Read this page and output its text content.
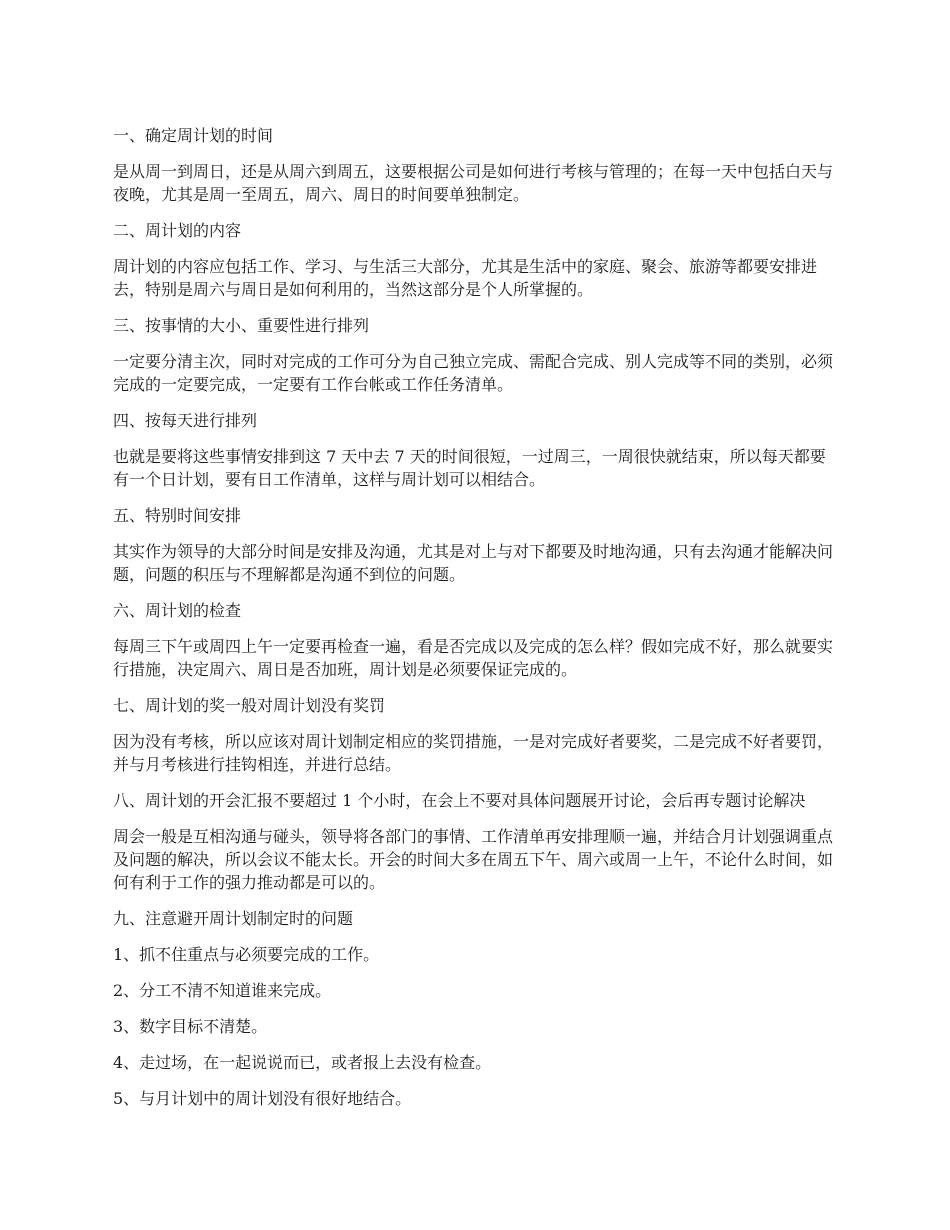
一、确定周计划的时间

是从周一到周日，还是从周六到周五，这要根据公司是如何进行考核与管理的；在每一天中包括白天与夜晚，尤其是周一至周五，周六、周日的时间要单独制定。

二、周计划的内容

周计划的内容应包括工作、学习、与生活三大部分，尤其是生活中的家庭、聚会、旅游等都要安排进去，特别是周六与周日是如何利用的，当然这部分是个人所掌握的。

三、按事情的大小、重要性进行排列

一定要分清主次，同时对完成的工作可分为自己独立完成、需配合完成、别人完成等不同的类别，必须完成的一定要完成，一定要有工作台帐或工作任务清单。

四、按每天进行排列

也就是要将这些事情安排到这 7 天中去 7 天的时间很短，一过周三，一周很快就结束，所以每天都要有一个日计划，要有日工作清单，这样与周计划可以相结合。

五、特别时间安排

其实作为领导的大部分时间是安排及沟通，尤其是对上与对下都要及时地沟通，只有去沟通才能解决问题，问题的积压与不理解都是沟通不到位的问题。

六、周计划的检查

每周三下午或周四上午一定要再检查一遍，看是否完成以及完成的怎么样？假如完成不好，那么就要实行措施，决定周六、周日是否加班，周计划是必须要保证完成的。

七、周计划的奖一般对周计划没有奖罚

因为没有考核，所以应该对周计划制定相应的奖罚措施，一是对完成好者要奖，二是完成不好者要罚，并与月考核进行挂钩相连，并进行总结。

八、周计划的开会汇报不要超过 1 个小时，在会上不要对具体问题展开讨论，会后再专题讨论解决

周会一般是互相沟通与碰头，领导将各部门的事情、工作清单再安排理顺一遍，并结合月计划强调重点及问题的解决，所以会议不能太长。开会的时间大多在周五下午、周六或周一上午，不论什么时间，如何有利于工作的强力推动都是可以的。

九、注意避开周计划制定时的问题

1、抓不住重点与必须要完成的工作。

2、分工不清不知道谁来完成。

3、数字目标不清楚。

4、走过场，在一起说说而已，或者报上去没有检查。

5、与月计划中的周计划没有很好地结合。
